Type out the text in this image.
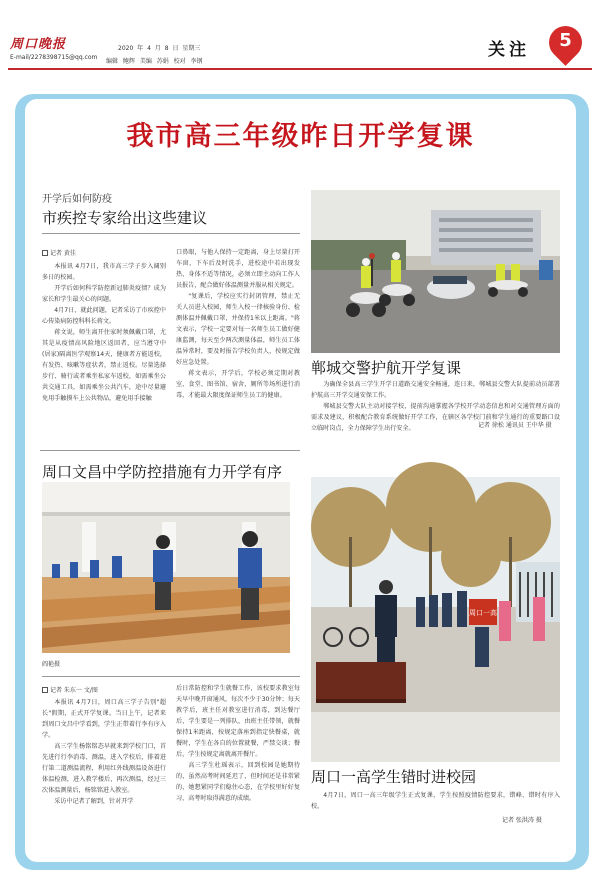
周口晚报
E-mail/2278398715@qq.com
2020 年 4 月 8 日 星期三
编辑 鲍辉 美编 苏娟 校对 李钢
关注	5
我市高三年级昨日开学复课
开学后如何防疫
市疾控专家给出这些建议
记者 黄佳

本报讯 4月7日，我市高三学子步入阔别多日的校园。

开学后如何科学防控新冠肺炎疫情？成为家长和学生最关心的问题。

4月7日，就此问题，记者采访了市疾控中心传染病防控科科长蒋文。

蒋文说，师生离开住家时须佩戴口罩，尤其是从疫情高风险地区返回者，应当遵守中(居家)隔离医学观察14天，健康者方能返校，有发热、咳嗽等症状者，禁止返校。尽量选择步行、骑行或者乘坐私家车返校，如需乘坐公共交通工具，如需乘坐公共汽车，途中尽量避免用手触摸车上公共物品，避免用手接触

口鼻眼，与他人保持一定距离，身上尽量打开车窗，下车后及时洗手，进校途中若出现发热、身体不适等情况，必须立即主动向工作人员报告，配合做好体温测量并服从相关规定。

"复课后，学校应实行封闭管理，禁止无关人员进入校园，师生入校一律核验身份、检测体温并佩戴口罩，并保持1米以上距离。"蒋文表示，学校一定要对每一名师生员工做好健康监测，每天至少两次测量体温，师生员工体温异常时，要及时报告学校负责人，按规定做好应急处置。

蒋文表示，开学后，学校必须定期对教室、食堂、图书馆、宿舍、厕所等场所进行消毒，才能最大限度保证师生员工的健康。

郸城交警护航开学复课

为确保全县高三学生开学日道路交通安全畅通，连日来，郸城县交警大队提前动员部署护航高三开学交通安保工作。

郸城县交警大队主动对接学校，提前沟通掌握各学校开学动态信息和对交通管理方面的需求及建议，积极配合教育系统做好开学工作，在辖区各学校门前和学生通行的重要路口设立临时岗点，全力保障学生出行安全。	记者 徐松 通讯员 王中华 摄
周口文昌中学防控措施有力开学有序
阎艳摄
记者 朱东一 文/图

本报讯 4月7日，周口高三学子告别"超长"假期，正式开学复课。当日上午，记者来到周口文昌中学看到，学生正带着行李有序入学。

高三学生杨铭铭态早就来到学校门口，首先进行行李消毒、测温，进入学校后，排着进行第二道测温流程，利用红外线测温设备进行体温检测，进入教学楼后，再次测温，经过三次体温测量后，杨铭铭进入教室。

采访中记者了解到，针对开学

后日常防控和学生就餐工作，该校要求教室每天早中晚开窗通风，每次不少于30分钟；每天教学后，班主任对教室进行消毒，到达餐厅后，学生要是一列排队，由班主任带领，就餐保持1米距离，按规定落座到指定快餐桌，就餐时，学生在各自的位置就餐，严禁交谈；餐后，学生按规定离就离开餐厅。

高三学生杜瑶表示，回到校园是她期待的，虽然高考时间延迟了，但时间还是非常紧的，她想紧同学们稳住心态，在学校里好好复习，高考时取得满意的成绩。

周口一高
周口一高学生错时进校园

4月7日，周口一高三年级学生正式复课，学生按照疫情防控要求，错峰、错时有序入校。

记者 张洪涛 摄
